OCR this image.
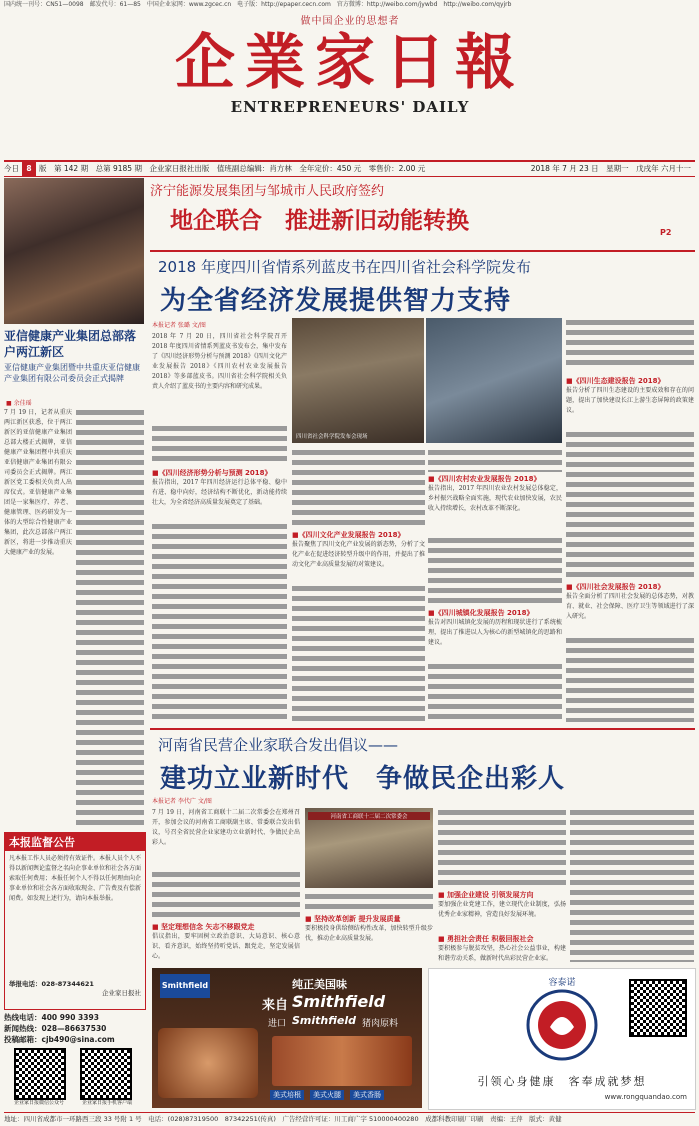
国内统一刊号：CN51—0098　邮发代号：61—85　中国企业家网：www.zgcec.cn　电子版：http://epaper.cecn.com　官方微博：http://weibo.com/jywbd　http://weibo.com/qyjrb
做中国企业的思想者
企業家日報
ENTREPRENEURS' DAILY
今日 8 版　第 142 期　总第 9185 期　企业家日报社出版　值班副总编辑：肖方林　全年定价：450 元　零售价：2.00 元	2018 年 7 月 23 日　星期一　戊戌年 六月十一
济宁能源发展集团与邹城市人民政府签约
地企联合　推进新旧动能转换	P2
亚信健康产业集团总部落户两江新区
亚信健康产业集团暨中共重庆亚信健康产业集团有限公司委员会正式揭牌
■ 余佳瑶
7 月 19 日，记者从重庆两江新区获悉，位于两江新区的亚信健康产业集团总部大楼正式揭牌，亚信健康产业集团暨中共重庆亚信健康产业集团有限公司委员会正式揭牌。两江新区党工委相关负责人出席仪式。亚信健康产业集团是一家集医疗、养老、健康管理、医药研发为一体的大型综合性健康产业集团，此次总部落户两江新区，将进一步推动重庆大健康产业的发展。
本报监督公告
凡本报工作人员必须持有效证件。本报人员个人不得以新闻舆论监督之名向企事业单位和社会各方面索取任何费用；本报任何个人不得以任何理由向企事业单位和社会各方面收取现金、广告费及有偿新闻费。如发现上述行为，请向本报举报。
举报电话：028-87344621
企业家日报社
热线电话：400 990 3393
新闻热线：028—86637530
投稿邮箱：cjb490@sina.com
企业家日报微信公众号	企业家日报手机客户端
2018 年度四川省情系列蓝皮书在四川省社会科学院发布
为全省经济发展提供智力支持
本报记者 张璐 文/图
2018 年 7 月 20 日，四川省社会科学院召开 2018 年度四川省情系列蓝皮书发布会，集中发布了《四川经济形势分析与预测 2018》《四川文化产业发展报告 2018》《四川农村农业发展报告 2018》等多部蓝皮书。四川省社会科学院相关负责人介绍了蓝皮书的主要内容和研究成果。
■《四川经济形势分析与预测 2018》
报告指出，2017 年四川经济运行总体平稳、稳中有进、稳中向好，经济结构不断优化，新动能持续壮大，为全省经济高质量发展奠定了基础。
四川省社会科学院发布会现场
■《四川文化产业发展报告 2018》
报告聚焦了四川文化产业发展的新态势，分析了文化产业在促进经济转型升级中的作用，并提出了推动文化产业高质量发展的对策建议。
■《四川农村农业发展报告 2018》
报告指出，2017 年四川农业农村发展总体稳定，乡村振兴战略全面实施，现代农业加快发展，农民收入持续增长，农村改革不断深化。
■《四川城镇化发展报告 2018》
报告对四川城镇化发展的历程和现状进行了系统梳理，提出了推进以人为核心的新型城镇化的思路和建议。
■《四川生态建设报告 2018》
报告分析了四川生态建设的主要成效和存在的问题，提出了加快建设长江上游生态屏障的政策建议。
■《四川社会发展报告 2018》
报告全面分析了四川社会发展的总体态势，对教育、就业、社会保障、医疗卫生等领域进行了深入研究。
河南省民营企业家联合发出倡议——
建功立业新时代　争做民企出彩人
本报记者 李代广 文/图
7 月 19 日，河南省工商联十二届二次常委会在郑州召开，参加会议的河南省工商联副主席、常委联合发出倡议，号召全省民营企业家建功立业新时代、争做民企出彩人。
■ 坚定理想信念 矢志不移跟党走
倡议指出，要牢固树立政治意识、大局意识、核心意识、看齐意识，始终坚持听党话、跟党走，坚定发展信心。
河南省工商联十二届二次常委会
■ 坚持改革创新 提升发展质量
要积极投身供给侧结构性改革，加快转型升级步伐，推动企业高质量发展。
■ 加强企业建设 引领发展方向
要加强企业党建工作，建立现代企业制度，弘扬优秀企业家精神，营造良好发展环境。
■ 勇担社会责任 积极回报社会
要积极参与脱贫攻坚，热心社会公益事业，构建和谐劳动关系，做新时代出彩民营企业家。
Smithfield	纯正美国味
来自 Smithfield
进口 Smithfield 猪肉原料
美式培根	美式火腿	美式香肠
容泰诺
引领心身健康　客奉成就梦想
www.rongquandao.com
地址：四川省成都市一环路西三段 33 号附 1 号　电话：(028)87319500　87342251(传真)　广告经营许可证：川工商广字 510000400280　成都科教印刷厂印刷　责编：王萍　版式：黄健
